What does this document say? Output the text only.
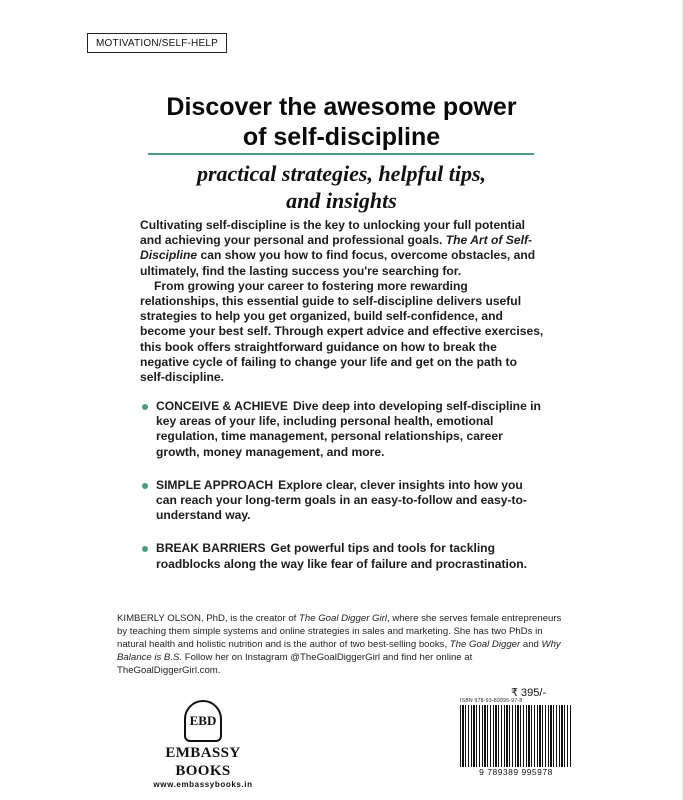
MOTIVATION/SELF-HELP
Discover the awesome power
of self-discipline
practical strategies, helpful tips,
and insights

Cultivating self-discipline is the key to unlocking your full potential and achieving your personal and professional goals. The Art of Self-Discipline can show you how to find focus, overcome obstacles, and ultimately, find the lasting success you're searching for.

From growing your career to fostering more rewarding relationships, this essential guide to self-discipline delivers useful strategies to help you get organized, build self-confidence, and become your best self. Through expert advice and effective exercises, this book offers straightforward guidance on how to break the negative cycle of failing to change your life and get on the path to self-discipline.

CONCEIVE & ACHIEVE Dive deep into developing self-discipline in key areas of your life, including personal health, emotional regulation, time management, personal relationships, career growth, money management, and more.
SIMPLE APPROACH Explore clear, clever insights into how you can reach your long-term goals in an easy-to-follow and easy-to-understand way.
BREAK BARRIERS Get powerful tips and tools for tackling roadblocks along the way like fear of failure and procrastination.
KIMBERLY OLSON, PhD, is the creator of The Goal Digger Girl, where she serves female entrepreneurs by teaching them simple systems and online strategies in sales and marketing. She has two PhDs in natural health and holistic nutrition and is the author of two best-selling books, The Goal Digger and Why Balance is B.S. Follow her on Instagram @TheGoalDiggerGirl and find her online at TheGoalDiggerGirl.com.
EBD
EMBASSY BOOKS
www.embassybooks.in
₹ 395/-
ISBN 978-93-89995-97-8
9 789389 995978
